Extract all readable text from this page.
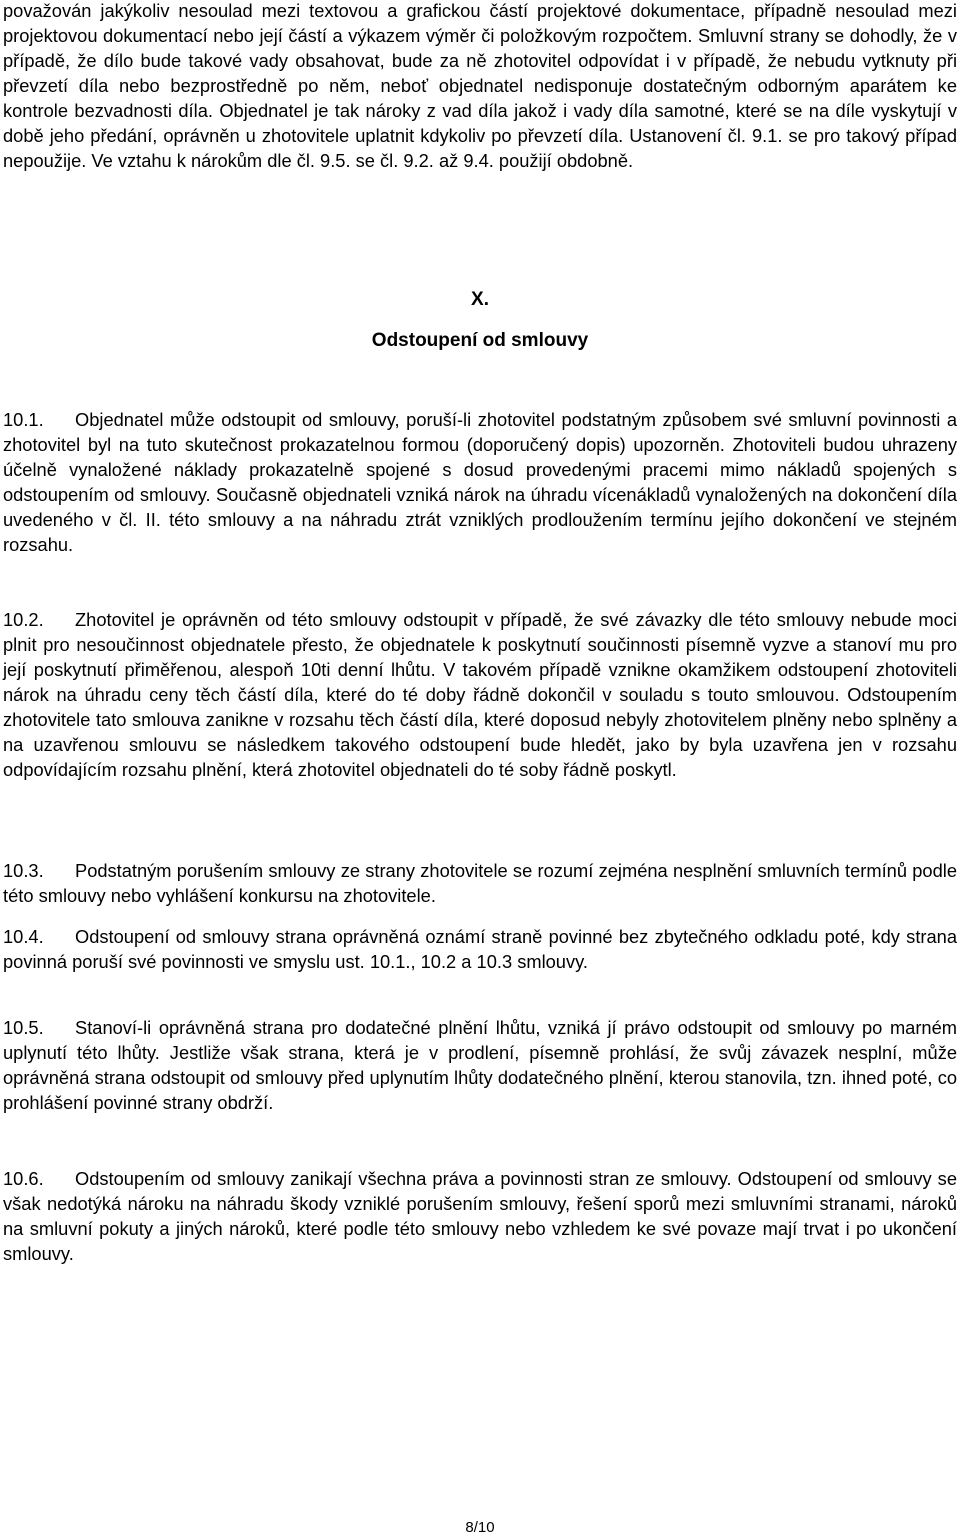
považován jakýkoliv nesoulad mezi textovou a grafickou částí projektové dokumentace, případně nesoulad mezi projektovou dokumentací nebo její částí a výkazem výměr či položkovým rozpočtem. Smluvní strany se dohodly, že v případě, že dílo bude takové vady obsahovat, bude za ně zhotovitel odpovídat i v případě, že nebudu vytknuty při převzetí díla nebo bezprostředně po něm, neboť objednatel nedisponuje dostatečným odborným aparátem ke kontrole bezvadnosti díla. Objednatel je tak nároky z vad díla jakož i vady díla samotné, které se na díle vyskytují v době jeho předání, oprávněn u zhotovitele uplatnit kdykoliv po převzetí díla. Ustanovení čl. 9.1. se pro takový případ nepoužije. Ve vztahu k nárokům dle čl. 9.5. se čl. 9.2. až 9.4. použijí obdobně.

X.

Odstoupení od smlouvy

10.1. Objednatel může odstoupit od smlouvy, poruší-li zhotovitel podstatným způsobem své smluvní povinnosti a zhotovitel byl na tuto skutečnost prokazatelnou formou (doporučený dopis) upozorněn. Zhotoviteli budou uhrazeny účelně vynaložené náklady prokazatelně spojené s dosud provedenými pracemi mimo nákladů spojených s odstoupením od smlouvy. Současně objednateli vzniká nárok na úhradu vícenákladů vynaložených na dokončení díla uvedeného v čl. II. této smlouvy a na náhradu ztrát vzniklých prodloužením termínu jejího dokončení ve stejném rozsahu.

10.2. Zhotovitel je oprávněn od této smlouvy odstoupit v případě, že své závazky dle této smlouvy nebude moci plnit pro nesoučinnost objednatele přesto, že objednatele k poskytnutí součinnosti písemně vyzve a stanoví mu pro její poskytnutí přiměřenou, alespoň 10ti denní lhůtu. V takovém případě vznikne okamžikem odstoupení zhotoviteli nárok na úhradu ceny těch částí díla, které do té doby řádně dokončil v souladu s touto smlouvou. Odstoupením zhotovitele tato smlouva zanikne v rozsahu těch částí díla, které doposud nebyly zhotovitelem plněny nebo splněny a na uzavřenou smlouvu se následkem takového odstoupení bude hledět, jako by byla uzavřena jen v rozsahu odpovídajícím rozsahu plnění, která zhotovitel objednateli do té soby řádně poskytl.

10.3. Podstatným porušením smlouvy ze strany zhotovitele se rozumí zejména nesplnění smluvních termínů podle této smlouvy nebo vyhlášení konkursu na zhotovitele.

10.4. Odstoupení od smlouvy strana oprávněná oznámí straně povinné bez zbytečného odkladu poté, kdy strana povinná poruší své povinnosti ve smyslu ust. 10.1., 10.2 a 10.3 smlouvy.

10.5. Stanoví-li oprávněná strana pro dodatečné plnění lhůtu, vzniká jí právo odstoupit od smlouvy po marném uplynutí této lhůty. Jestliže však strana, která je v prodlení, písemně prohlásí, že svůj závazek nesplní, může oprávněná strana odstoupit od smlouvy před uplynutím lhůty dodatečného plnění, kterou stanovila, tzn. ihned poté, co prohlášení povinné strany obdrží.

10.6. Odstoupením od smlouvy zanikají všechna práva a povinnosti stran ze smlouvy. Odstoupení od smlouvy se však nedotýká nároku na náhradu škody vzniklé porušením smlouvy, řešení sporů mezi smluvními stranami, nároků na smluvní pokuty a jiných nároků, které podle této smlouvy nebo vzhledem ke své povaze mají trvat i po ukončení smlouvy.

8/10
